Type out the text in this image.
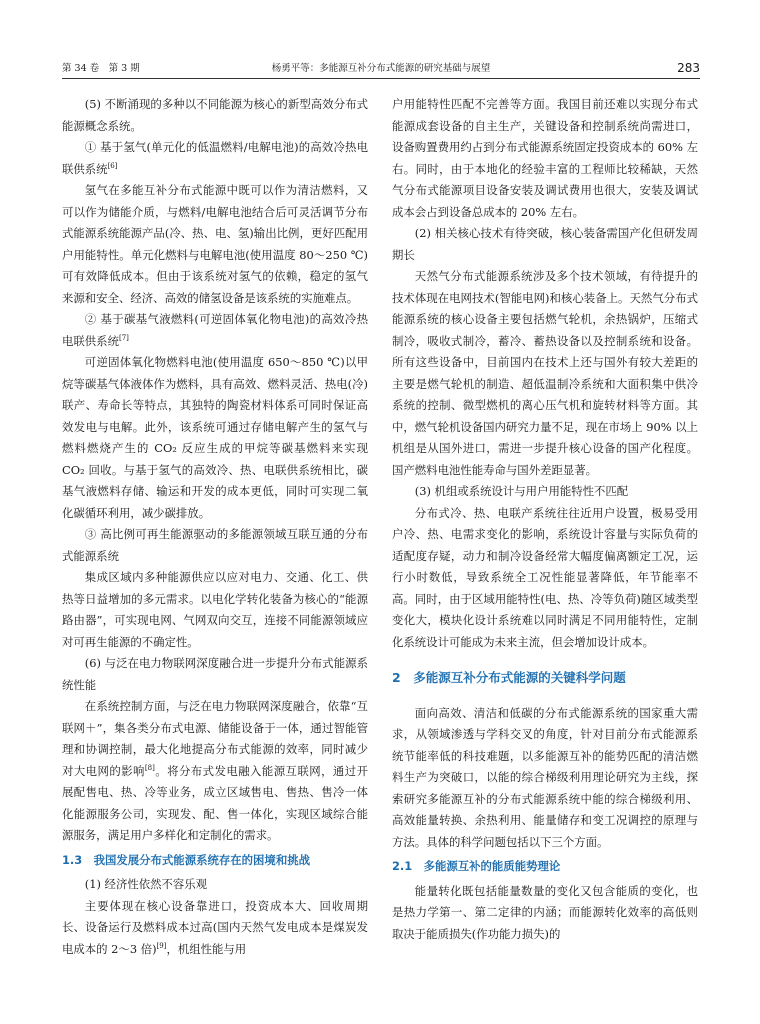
第 34 卷　第 3 期	杨勇平等：多能源互补分布式能源的研究基础与展望	283
(5) 不断涌现的多种以不同能源为核心的新型高效分布式能源概念系统。
① 基于氢气(单元化的低温燃料/电解电池)的高效冷热电联供系统[6]
氢气在多能互补分布式能源中既可以作为清洁燃料，又可以作为储能介质，与燃料/电解电池结合后可灵活调节分布式能源系统能源产品(冷、热、电、氢)输出比例，更好匹配用户用能特性。单元化燃料与电解电池(使用温度 80～250 ℃)可有效降低成本。但由于该系统对氢气的依赖，稳定的氢气来源和安全、经济、高效的储氢设备是该系统的实施难点。
② 基于碳基气液燃料(可逆固体氧化物电池)的高效冷热电联供系统[7]
可逆固体氧化物燃料电池(使用温度 650～850 ℃)以甲烷等碳基气体液体作为燃料，具有高效、燃料灵活、热电(冷)联产、寿命长等特点，其独特的陶瓷材料体系可同时保证高效发电与电解。此外，该系统可通过存储电解产生的氢气与燃料燃烧产生的 CO₂ 反应生成的甲烷等碳基燃料来实现 CO₂ 回收。与基于氢气的高效冷、热、电联供系统相比，碳基气液燃料存储、输运和开发的成本更低，同时可实现二氧化碳循环利用，减少碳排放。
③ 高比例可再生能源驱动的多能源领域互联互通的分布式能源系统
集成区域内多种能源供应以应对电力、交通、化工、供热等日益增加的多元需求。以电化学转化装备为核心的“能源路由器”，可实现电网、气网双向交互，连接不同能源领域应对可再生能源的不确定性。
(6) 与泛在电力物联网深度融合进一步提升分布式能源系统性能
在系统控制方面，与泛在电力物联网深度融合，依靠“互联网＋”，集各类分布式电源、储能设备于一体，通过智能管理和协调控制，最大化地提高分布式能源的效率，同时减少对大电网的影响[8]。将分布式发电融入能源互联网，通过开展配售电、热、冷等业务，成立区域售电、售热、售冷一体化能源服务公司，实现发、配、售一体化，实现区域综合能源服务，满足用户多样化和定制化的需求。
1.3　我国发展分布式能源系统存在的困境和挑战
(1) 经济性依然不容乐观
主要体现在核心设备靠进口，投资成本大、回收周期长、设备运行及燃料成本过高(国内天然气发电成本是煤炭发电成本的 2～3 倍)[9]，机组性能与用
户用能特性匹配不完善等方面。我国目前还难以实现分布式能源成套设备的自主生产，关键设备和控制系统尚需进口，设备购置费用约占到分布式能源系统固定投资成本的 60% 左右。同时，由于本地化的经验丰富的工程师比较稀缺，天然气分布式能源项目设备安装及调试费用也很大，安装及调试成本会占到设备总成本的 20% 左右。
(2) 相关核心技术有待突破，核心装备需国产化但研发周期长
天然气分布式能源系统涉及多个技术领域，有待提升的技术体现在电网技术(智能电网)和核心装备上。天然气分布式能源系统的核心设备主要包括燃气轮机，余热锅炉，压缩式制冷，吸收式制冷，蓄冷、蓄热设备以及控制系统和设备。所有这些设备中，目前国内在技术上还与国外有较大差距的主要是燃气轮机的制造、超低温制冷系统和大面积集中供冷系统的控制、微型燃机的离心压气机和旋转材料等方面。其中，燃气轮机设备国内研究力量不足，现在市场上 90% 以上机组是从国外进口，需进一步提升核心设备的国产化程度。国产燃料电池性能寿命与国外差距显著。
(3) 机组或系统设计与用户用能特性不匹配
分布式冷、热、电联产系统往往近用户设置，极易受用户冷、热、电需求变化的影响，系统设计容量与实际负荷的适配度存疑，动力和制冷设备经常大幅度偏离额定工况，运行小时数低，导致系统全工况性能显著降低，年节能率不高。同时，由于区域用能特性(电、热、冷等负荷)随区域类型变化大，模块化设计系统难以同时满足不同用能特性，定制化系统设计可能成为未来主流，但会增加设计成本。
2　多能源互补分布式能源的关键科学问题
面向高效、清洁和低碳的分布式能源系统的国家重大需求，从领域渗透与学科交叉的角度，针对目前分布式能源系统节能率低的科技难题，以多能源互补的能势匹配的清洁燃料生产为突破口，以能的综合梯级利用理论研究为主线，探索研究多能源互补的分布式能源系统中能的综合梯级利用、高效能量转换、余热利用、能量储存和变工况调控的原理与方法。具体的科学问题包括以下三个方面。
2.1　多能源互补的能质能势理论
能量转化既包括能量数量的变化又包含能质的变化，也是热力学第一、第二定律的内涵；而能源转化效率的高低则取决于能质损失(作功能力损失)的
